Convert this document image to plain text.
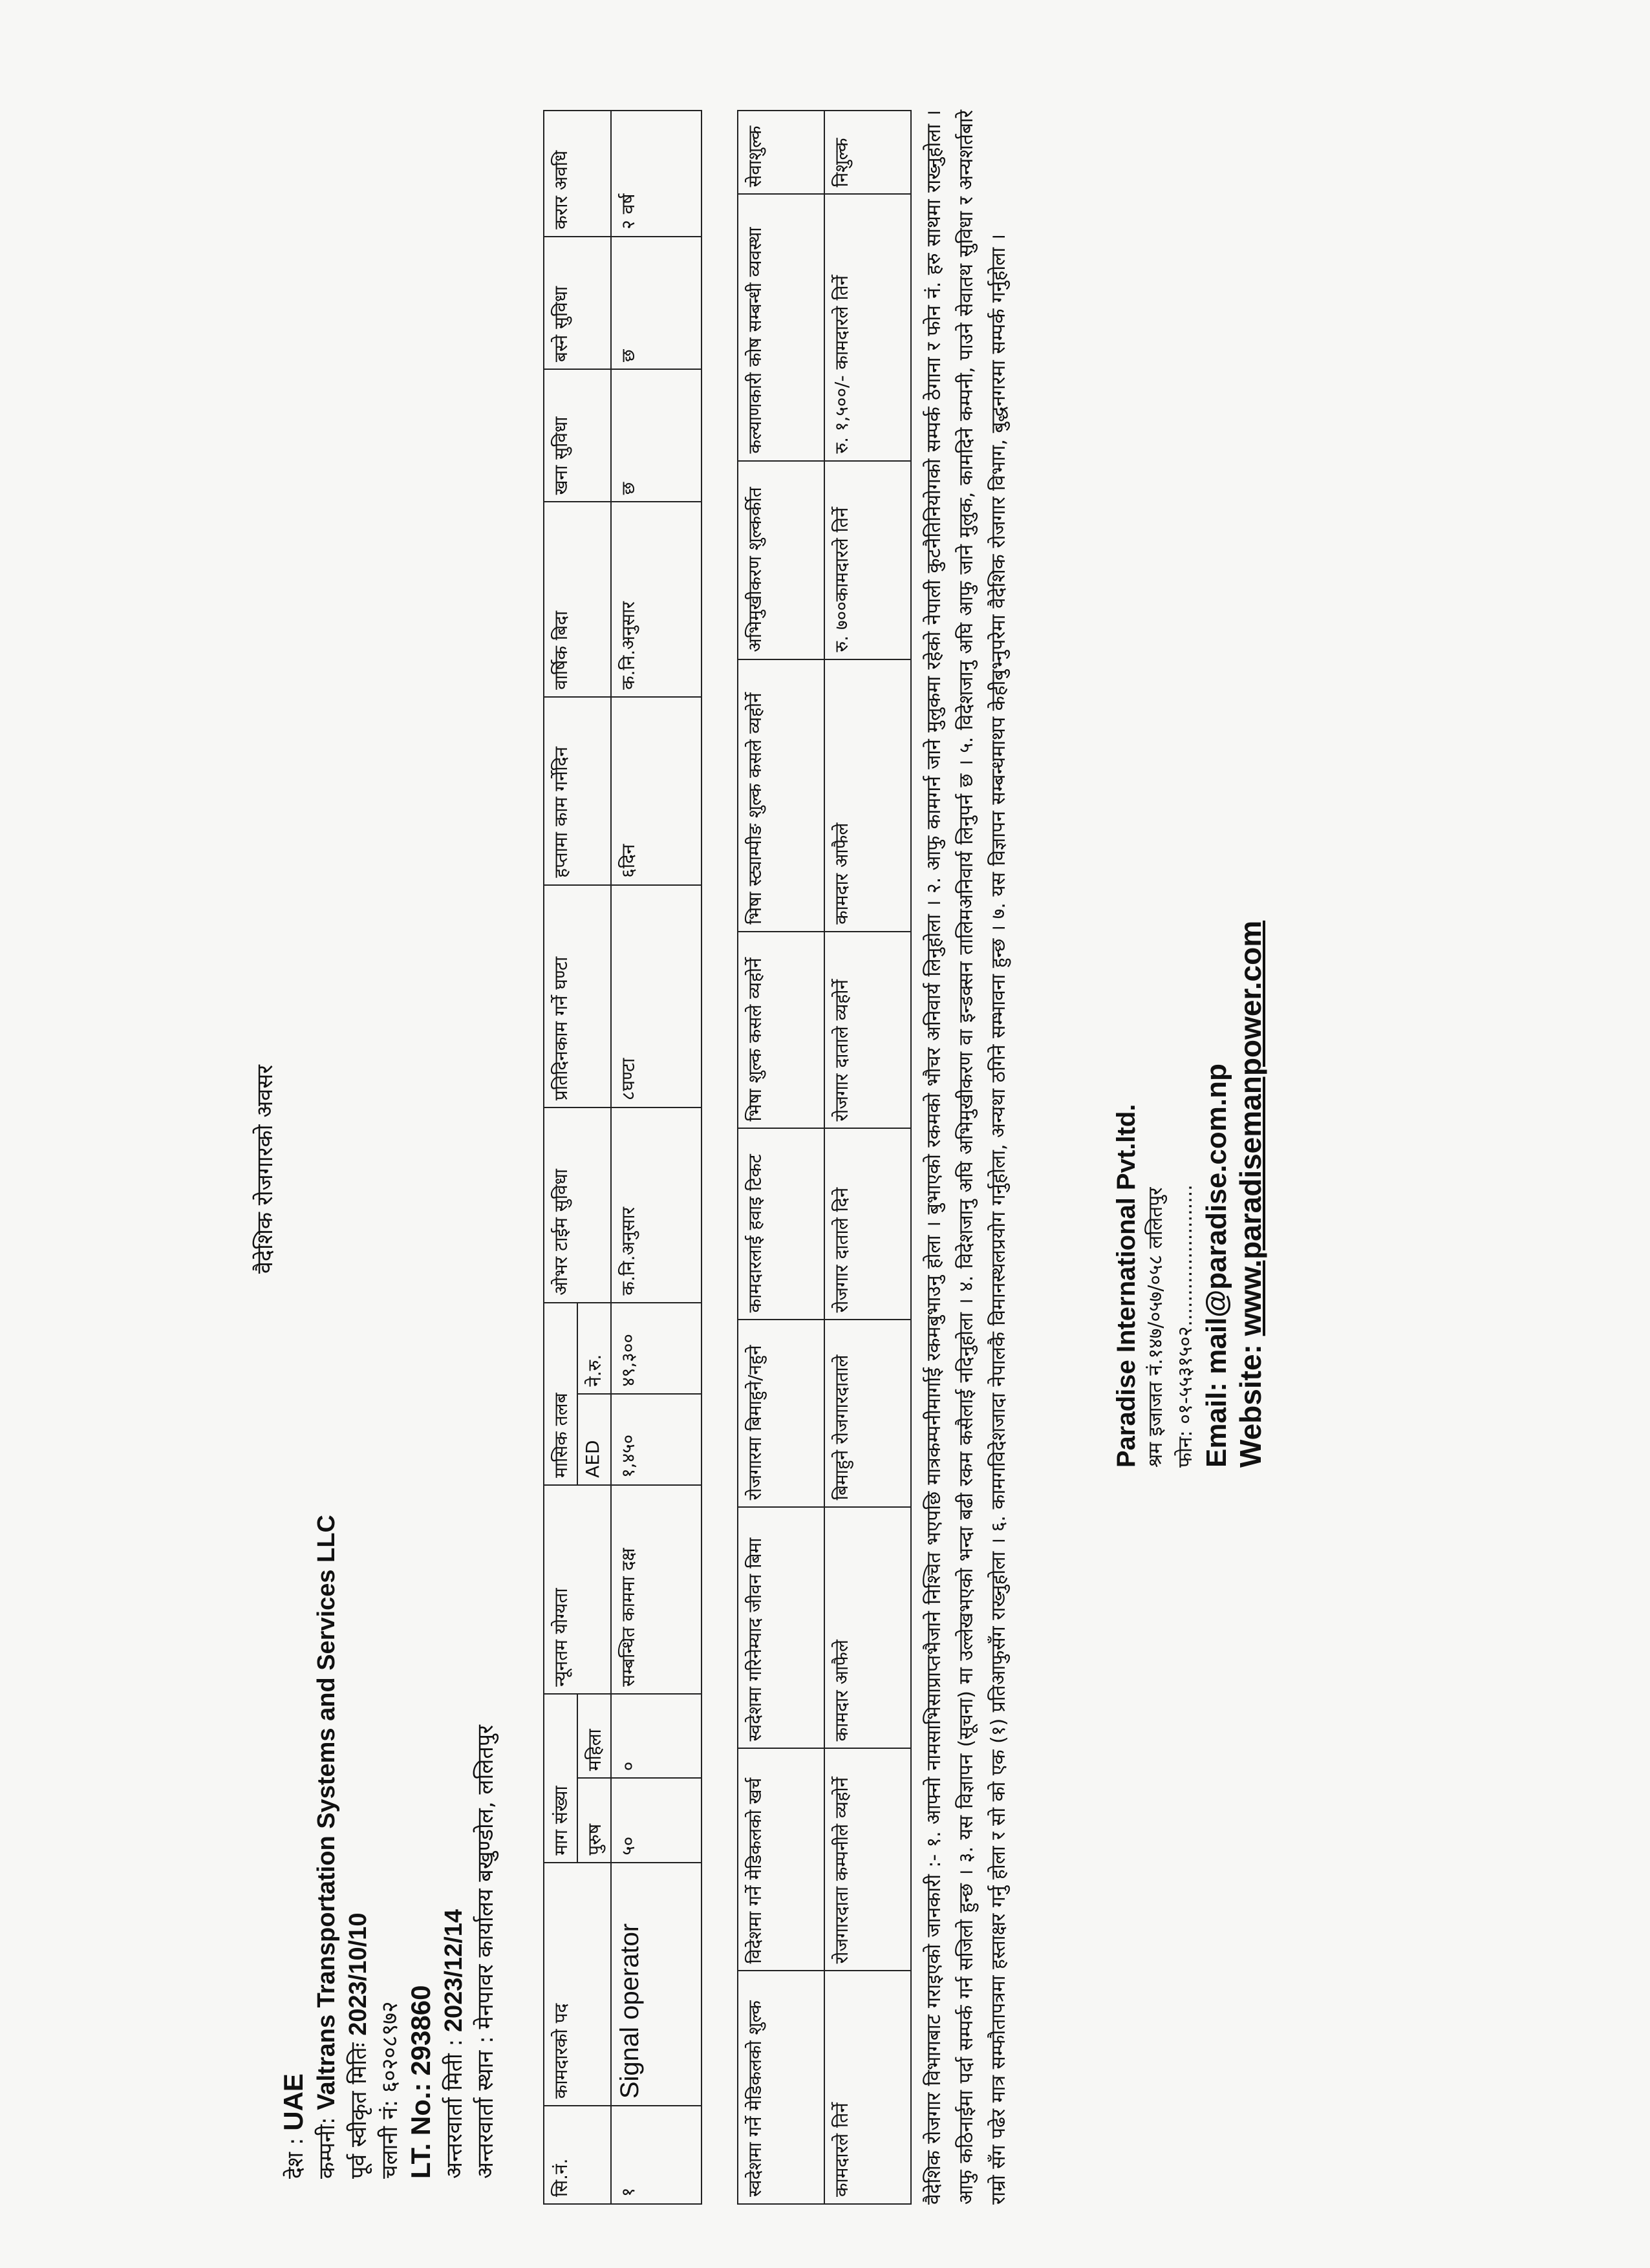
वैदेशिक रोजगारको अवसर
देश : UAE
कम्पनी: Valtrans Transportation Systems and Services LLC
पूर्व स्वीकृत मितिः 2023/10/10
चलानी नं: ६०२०८९७२
LT. No.: 293860
अन्तरवार्ता मिती : 2023/12/14
अन्तरवार्ता स्थान : मेनपावर कार्यालय बखुण्डोल, ललितपुर
सि.नं.	कामदारको पद	माग संख्या		न्यूनतम योग्यता	मासिक तलब		ओभर टाईम सुविधा	प्रतिदिनकाम गर्ने घण्टा	हप्तामा काम गर्नेदिन	वार्षिक बिदा	खना सुविधा	बस्ने सुविधा	करार अवधि
		पुरुष	महिला		AED	ने.रु.							
१	Signal operator	५०	०	सम्बन्धित काममा दक्ष	१,४५०	४९,३००	क.नि.अनुसार	८घण्टा	६दिन	क.नि.अनुसार	छ	छ	२ वर्ष
स्वदेशमा गर्ने मेडिकलको शुल्क	विदेशमा गर्ने मेडिकलको खर्च	स्वदेशमा गरिनेम्याद जीवन बिमा	रोजगारमा बिमाहुने/नहुने	कामदारलाई हवाइ टिकट	भिषा शुल्क कसले व्यहोर्ने	भिषा स्ट्याम्पीङ शुल्क कसले व्यहोर्ने	अभिमुखीकरण शुल्कर्कीत	कल्याणकारी कोष सम्बन्धी व्यवस्था	सेवाशुल्क
कामदारले तिर्ने	रोजगारदाता कम्पनीले व्यहोर्ने	कामदार आफैले	बिमाहुने रोजगारदाताले	रोजगार दाताले दिने	रोजगार दाताले व्यहोर्ने	कामदार आफैले	रु. ७००कामदारले तिर्ने	रु. १,५००/- कामदारले तिर्ने	निशुल्क	वैदेशिक रोजगार विभागबाट गराइएको जानकारी :- १. आफ्नो नामसाभिसाप्राप्तभैजाने निश्चित भएपछि मात्रकम्पनीमार्गाई रकमबुभाउनु होला । बुभाएको रकमको भौचर अनिवार्य लिनुहोला । २. आफु कामगर्न जाने मुलुकमा रहेको नेपाली कुटनैतिनियोगको सम्पर्क ठेगाना र फोन नं. हरु साथमा राख्नुहोला । आफु कठिनाईमा पर्दा सम्पर्क गर्न सजिलो हुन्छ । ३. यस विज्ञापन (सूचना) मा उल्लेखभएको भन्दा बढी रकम कसैलाई नदिनुहोला । ४. विदेशजानु अघि अभिमुखीकरण वा इन्डक्सन तालिमअनिवार्य लिनुपर्न छ । ५. विदेशजानु अघि आफु जाने मुलुक, कामदिने कम्पनी, पाउने सेवातथ सुविधा र अन्यशर्तबारे राम्रो सँग पढेर मात्र सम्फौतापत्रमा हस्ताक्षर गर्नु होला र सो को एक (१) प्रतिआफुसँग राख्नुहोला । ६. कामगविदेशजादा नेपालकै विमानस्थलप्रयोग गर्नुहोला, अन्यथा ठगिने सम्भावना हुन्छ । ७. यस विज्ञापन सम्बन्धमाथप केहीबुभ्नुपरेमा वैदेशिक रोजगार विभाग, बुद्धनगरमा सम्पर्क गर्नुहोला ।	Paradise International Pvt.ltd. श्रम इजाजत नं.१४७/०५७/०५८ ललितपुर फोन: ०१-५५३१५०२....................... Email: mail@paradise.com.np
Website: www.paradisemanpower.com
